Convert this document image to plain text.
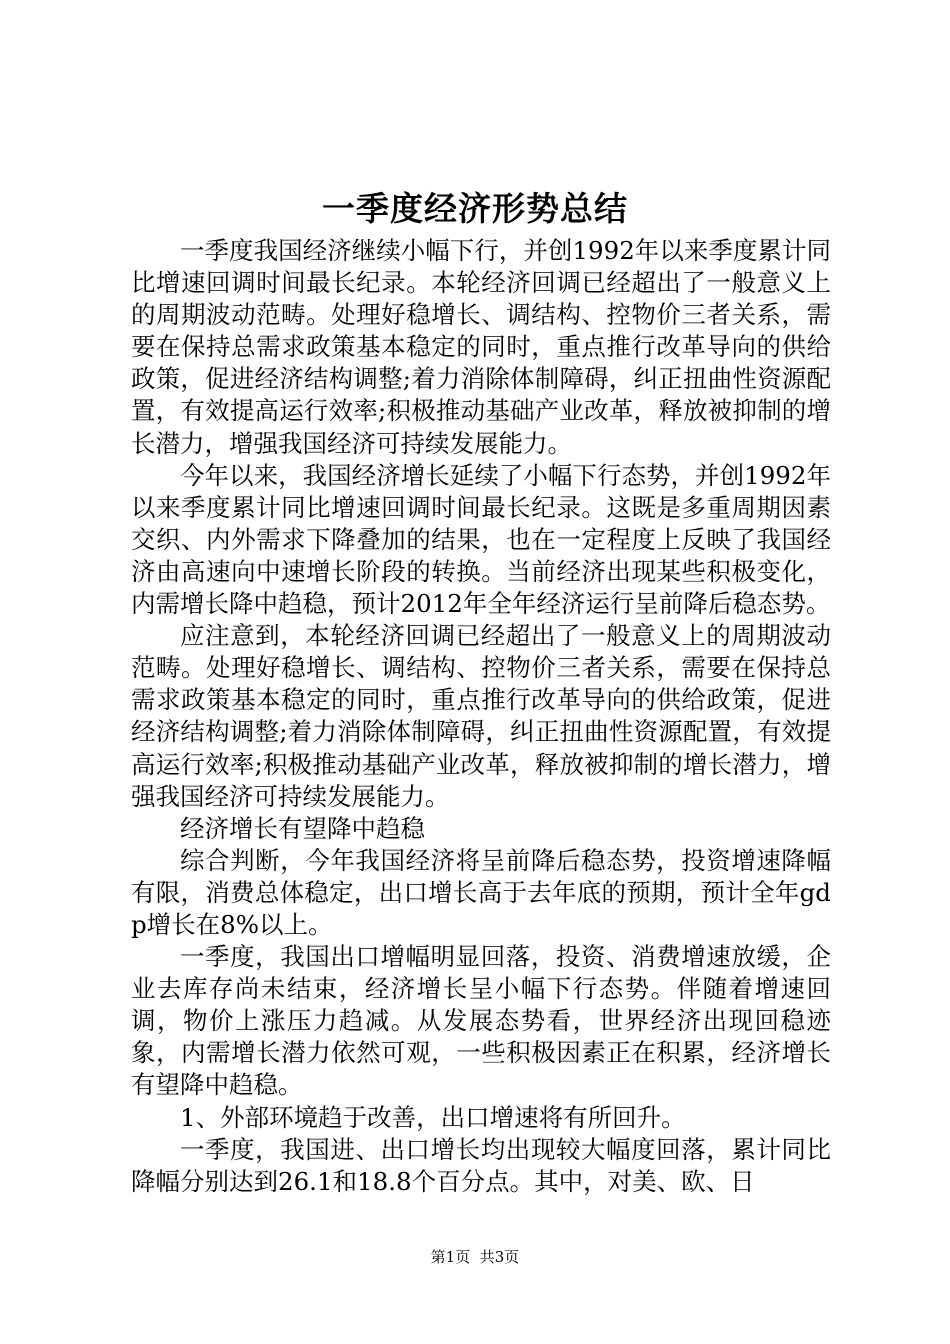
一季度经济形势总结

一季度我国经济继续小幅下行，并创1992年以来季度累计同比增速回调时间最长纪录。本轮经济回调已经超出了一般意义上的周期波动范畴。处理好稳增长、调结构、控物价三者关系，需要在保持总需求政策基本稳定的同时，重点推行改革导向的供给政策，促进经济结构调整;着力消除体制障碍，纠正扭曲性资源配置，有效提高运行效率;积极推动基础产业改革，释放被抑制的增长潜力，增强我国经济可持续发展能力。

今年以来，我国经济增长延续了小幅下行态势，并创1992年以来季度累计同比增速回调时间最长纪录。这既是多重周期因素交织、内外需求下降叠加的结果，也在一定程度上反映了我国经济由高速向中速增长阶段的转换。当前经济出现某些积极变化，内需增长降中趋稳，预计2012年全年经济运行呈前降后稳态势。

应注意到，本轮经济回调已经超出了一般意义上的周期波动范畴。处理好稳增长、调结构、控物价三者关系，需要在保持总需求政策基本稳定的同时，重点推行改革导向的供给政策，促进经济结构调整;着力消除体制障碍，纠正扭曲性资源配置，有效提高运行效率;积极推动基础产业改革，释放被抑制的增长潜力，增强我国经济可持续发展能力。

经济增长有望降中趋稳

综合判断，今年我国经济将呈前降后稳态势，投资增速降幅有限，消费总体稳定，出口增长高于去年底的预期，预计全年gdp增长在8%以上。

一季度，我国出口增幅明显回落，投资、消费增速放缓，企业去库存尚未结束，经济增长呈小幅下行态势。伴随着增速回调，物价上涨压力趋减。从发展态势看，世界经济出现回稳迹象，内需增长潜力依然可观，一些积极因素正在积累，经济增长有望降中趋稳。

1、外部环境趋于改善，出口增速将有所回升。

一季度，我国进、出口增长均出现较大幅度回落，累计同比降幅分别达到26.1和18.8个百分点。其中，对美、欧、日

第1页 共3页
